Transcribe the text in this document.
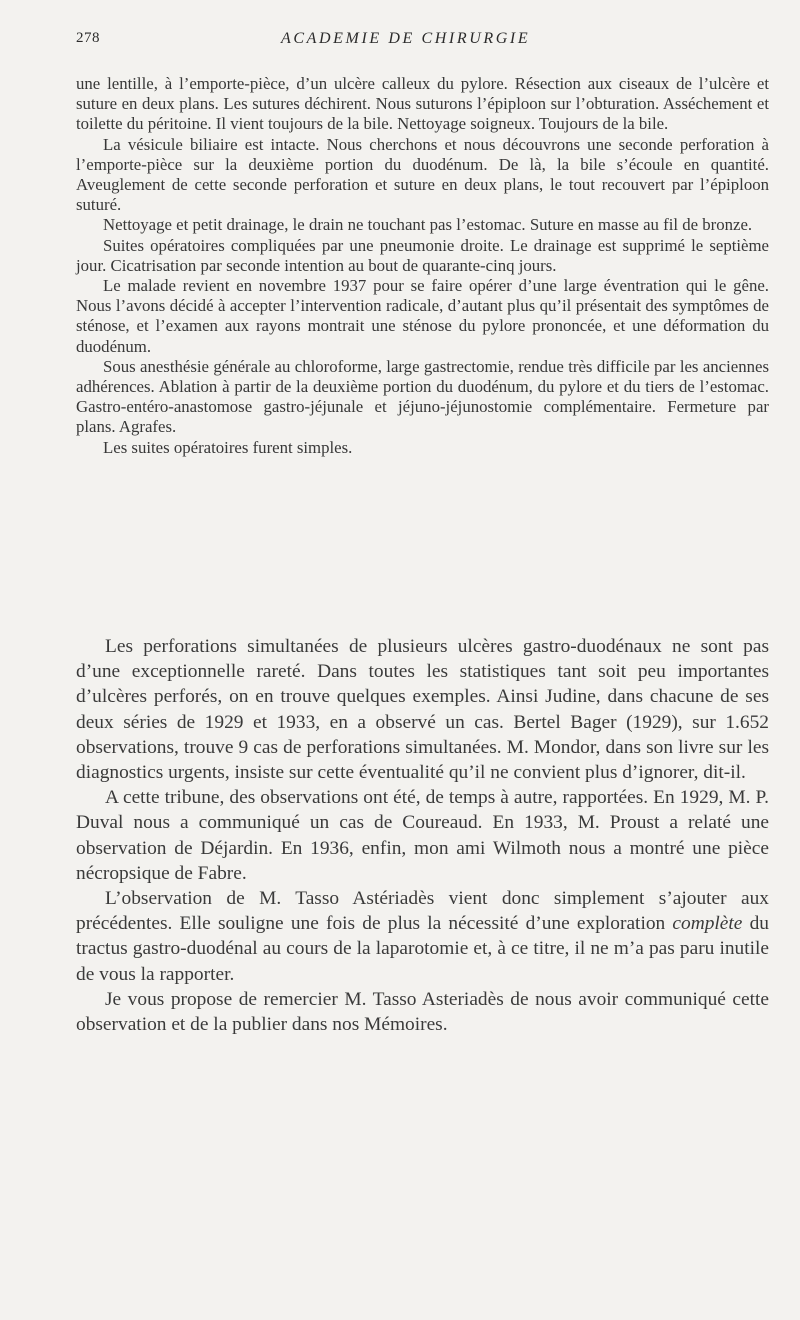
278	ACADEMIE DE CHIRURGIE

une lentille, à l’emporte-pièce, d’un ulcère calleux du pylore. Résection aux ciseaux de l’ulcère et suture en deux plans. Les sutures déchirent. Nous suturons l’épiploon sur l’obturation. Asséchement et toilette du péritoine. Il vient toujours de la bile. Nettoyage soigneux. Toujours de la bile.

La vésicule biliaire est intacte. Nous cherchons et nous découvrons une seconde perforation à l’emporte-pièce sur la deuxième portion du duodénum. De là, la bile s’écoule en quantité. Aveuglement de cette seconde perforation et suture en deux plans, le tout recouvert par l’épiploon suturé.

Nettoyage et petit drainage, le drain ne touchant pas l’estomac. Suture en masse au fil de bronze.

Suites opératoires compliquées par une pneumonie droite. Le drainage est supprimé le septième jour. Cicatrisation par seconde intention au bout de quarante-cinq jours.

Le malade revient en novembre 1937 pour se faire opérer d’une large éventration qui le gêne. Nous l’avons décidé à accepter l’intervention radicale, d’autant plus qu’il présentait des symptômes de sténose, et l’examen aux rayons montrait une sténose du pylore prononcée, et une déformation du duodénum.

Sous anesthésie générale au chloroforme, large gastrectomie, rendue très difficile par les anciennes adhérences. Ablation à partir de la deuxième portion du duodénum, du pylore et du tiers de l’estomac. Gastro-entéro-anastomose gastro-jéjunale et jéjuno-jéjunostomie complémentaire. Fermeture par plans. Agrafes.

Les suites opératoires furent simples.

Les perforations simultanées de plusieurs ulcères gastro-duodénaux ne sont pas d’une exceptionnelle rareté. Dans toutes les statistiques tant soit peu importantes d’ulcères perforés, on en trouve quelques exemples. Ainsi Judine, dans chacune de ses deux séries de 1929 et 1933, en a observé un cas. Bertel Bager (1929), sur 1.652 observations, trouve 9 cas de perforations simultanées. M. Mondor, dans son livre sur les diagnostics urgents, insiste sur cette éventualité qu’il ne convient plus d’ignorer, dit-il.

A cette tribune, des observations ont été, de temps à autre, rapportées. En 1929, M. P. Duval nous a communiqué un cas de Coureaud. En 1933, M. Proust a relaté une observation de Déjardin. En 1936, enfin, mon ami Wilmoth nous a montré une pièce nécropsique de Fabre.

L’observation de M. Tasso Astériadès vient donc simplement s’ajouter aux précédentes. Elle souligne une fois de plus la nécessité d’une exploration complète du tractus gastro-duodénal au cours de la laparotomie et, à ce titre, il ne m’a pas paru inutile de vous la rapporter.

Je vous propose de remercier M. Tasso Asteriadès de nous avoir communiqué cette observation et de la publier dans nos Mémoires.
